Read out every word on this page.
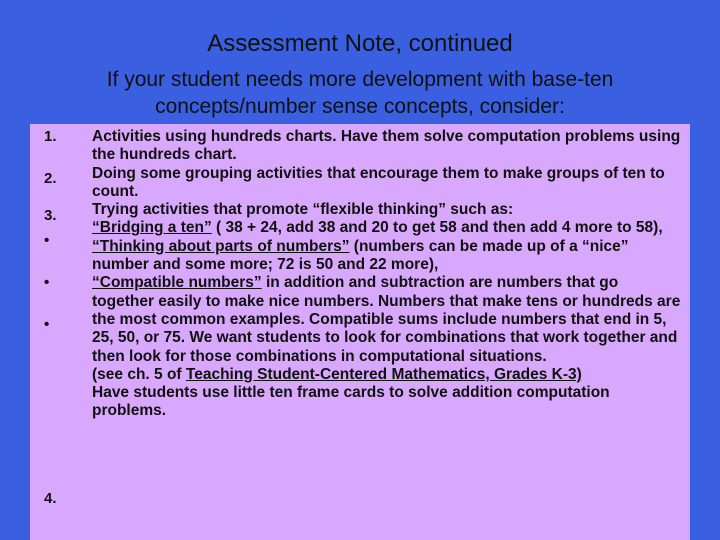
Assessment Note, continued
If your student needs more development with base-ten concepts/number sense concepts, consider:
1.
2.
3.
•
•
•
4.
Activities using hundreds charts. Have them solve computation problems using the hundreds chart.
Doing some grouping activities that encourage them to make groups of ten to count.
Trying activities that promote “flexible thinking” such as:
“Bridging a ten” ( 38 + 24, add 38 and 20 to get 58 and then add 4 more to 58),
“Thinking about parts of numbers” (numbers can be made up of a “nice” number and some more; 72 is 50 and 22 more),
“Compatible numbers” in addition and subtraction are numbers that go together easily to make nice numbers. Numbers that make tens or hundreds are the most common examples. Compatible sums include numbers that end in 5, 25, 50, or 75. We want students to look for combinations that work together and then look for those combinations in computational situations.
(see ch. 5 of Teaching Student-Centered Mathematics, Grades K-3)
Have students use little ten frame cards to solve addition computation problems.
